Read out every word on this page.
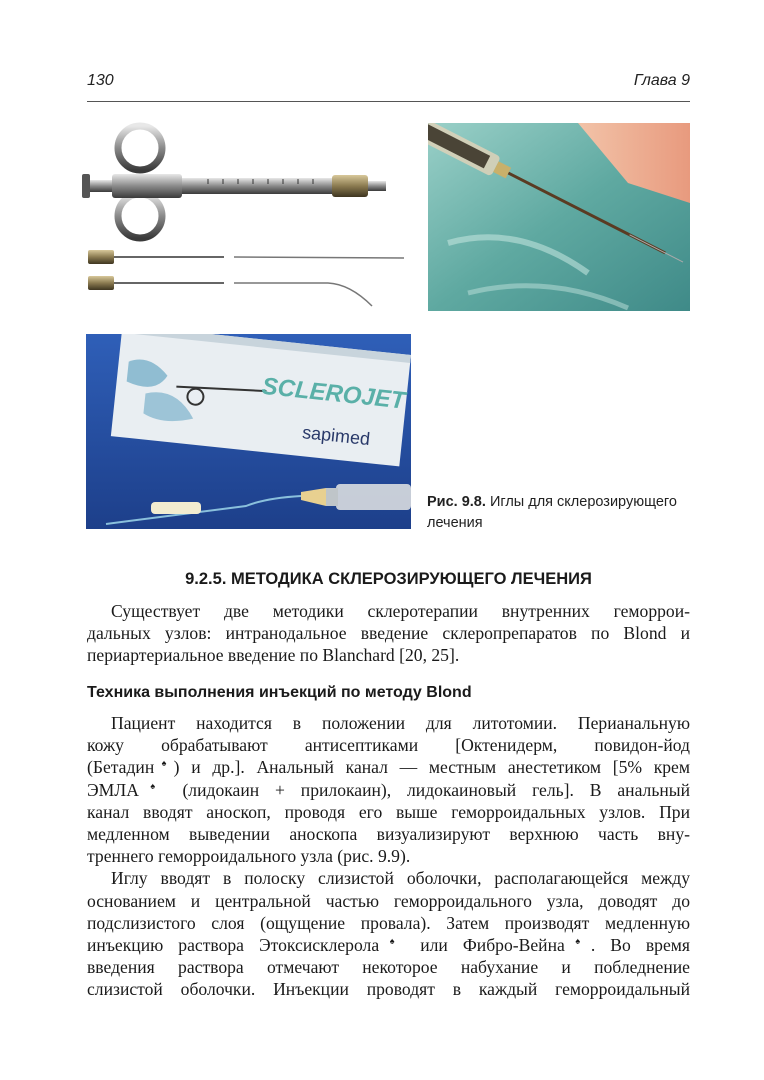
130	Глава 9
SCLEROJET
sapimed
Рис. 9.8. Иглы для склерозирующего лечения
9.2.5. МЕТОДИКА СКЛЕРОЗИРУЮЩЕГО ЛЕЧЕНИЯ
Существует две методики склеротерапии внутренних геморрои-
дальных узлов: интранодальное введение склеропрепаратов по Blond и
периартериальное введение по Blanchard [20, 25].
Техника выполнения инъекций по методу Blond
Пациент находится в положении для литотомии. Перианальную
кожу обрабатывают антисептиками [Октенидерм, повидон-йод
(Бетадин♠) и др.]. Анальный канал — местным анестетиком [5% крем
ЭМЛА♠ (лидокаин + прилокаин), лидокаиновый гель]. В анальный
канал вводят аноскоп, проводя его выше геморроидальных узлов. При
медленном выведении аноскопа визуализируют верхнюю часть вну-
треннего геморроидального узла (рис. 9.9).
Иглу вводят в полоску слизистой оболочки, располагающейся между
основанием и центральной частью геморроидального узла, доводят до
подслизистого слоя (ощущение провала). Затем производят медленную
инъекцию раствора Этоксисклерола♠ или Фибро-Вейна♠. Во время
введения раствора отмечают некоторое набухание и побледнение
слизистой оболочки. Инъекции проводят в каждый геморроидальный
